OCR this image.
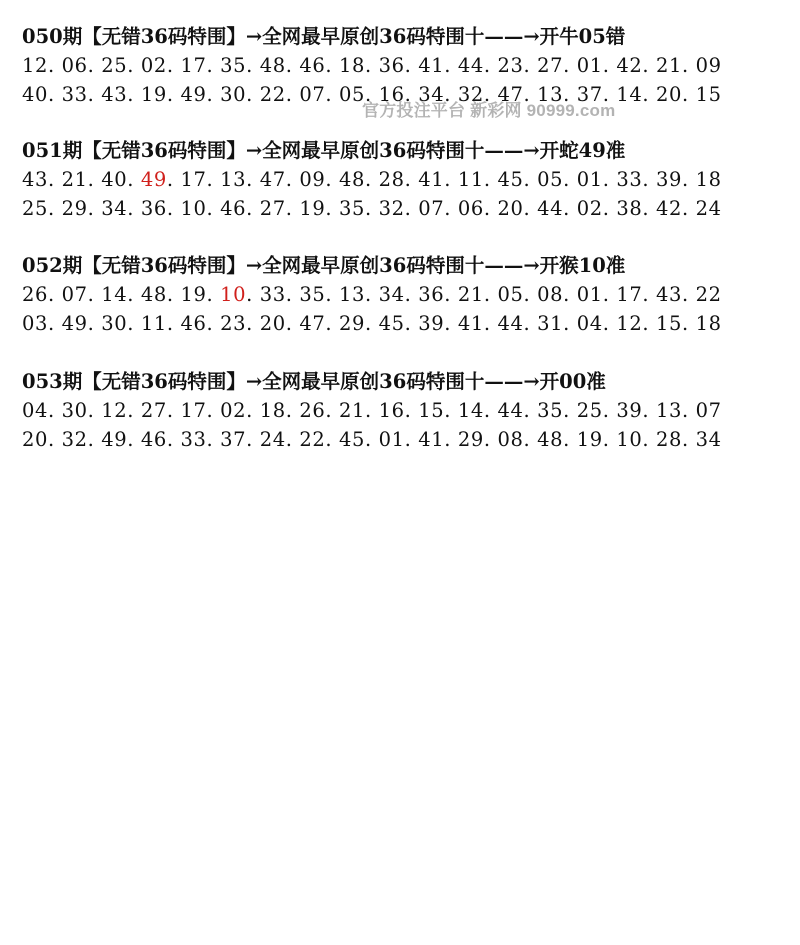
050期【无错36码特围】→全网最早原创36码特围十——→开牛05错
12. 06. 25. 02. 17. 35. 48. 46. 18. 36. 41. 44. 23. 27. 01. 42. 21. 09
40. 33. 43. 19. 49. 30. 22. 07. 05. 16. 34. 32. 47. 13. 37. 14. 20. 15
051期【无错36码特围】→全网最早原创36码特围十——→开蛇49准
43. 21. 40. 49. 17. 13. 47. 09. 48. 28. 41. 11. 45. 05. 01. 33. 39. 18
25. 29. 34. 36. 10. 46. 27. 19. 35. 32. 07. 06. 20. 44. 02. 38. 42. 24
052期【无错36码特围】→全网最早原创36码特围十——→开猴10准
26. 07. 14. 48. 19. 10. 33. 35. 13. 34. 36. 21. 05. 08. 01. 17. 43. 22
03. 49. 30. 11. 46. 23. 20. 47. 29. 45. 39. 41. 44. 31. 04. 12. 15. 18
053期【无错36码特围】→全网最早原创36码特围十——→开00准
04. 30. 12. 27. 17. 02. 18. 26. 21. 16. 15. 14. 44. 35. 25. 39. 13. 07
20. 32. 49. 46. 33. 37. 24. 22. 45. 01. 41. 29. 08. 48. 19. 10. 28. 34
官方投注平台 新彩网 90999.com
